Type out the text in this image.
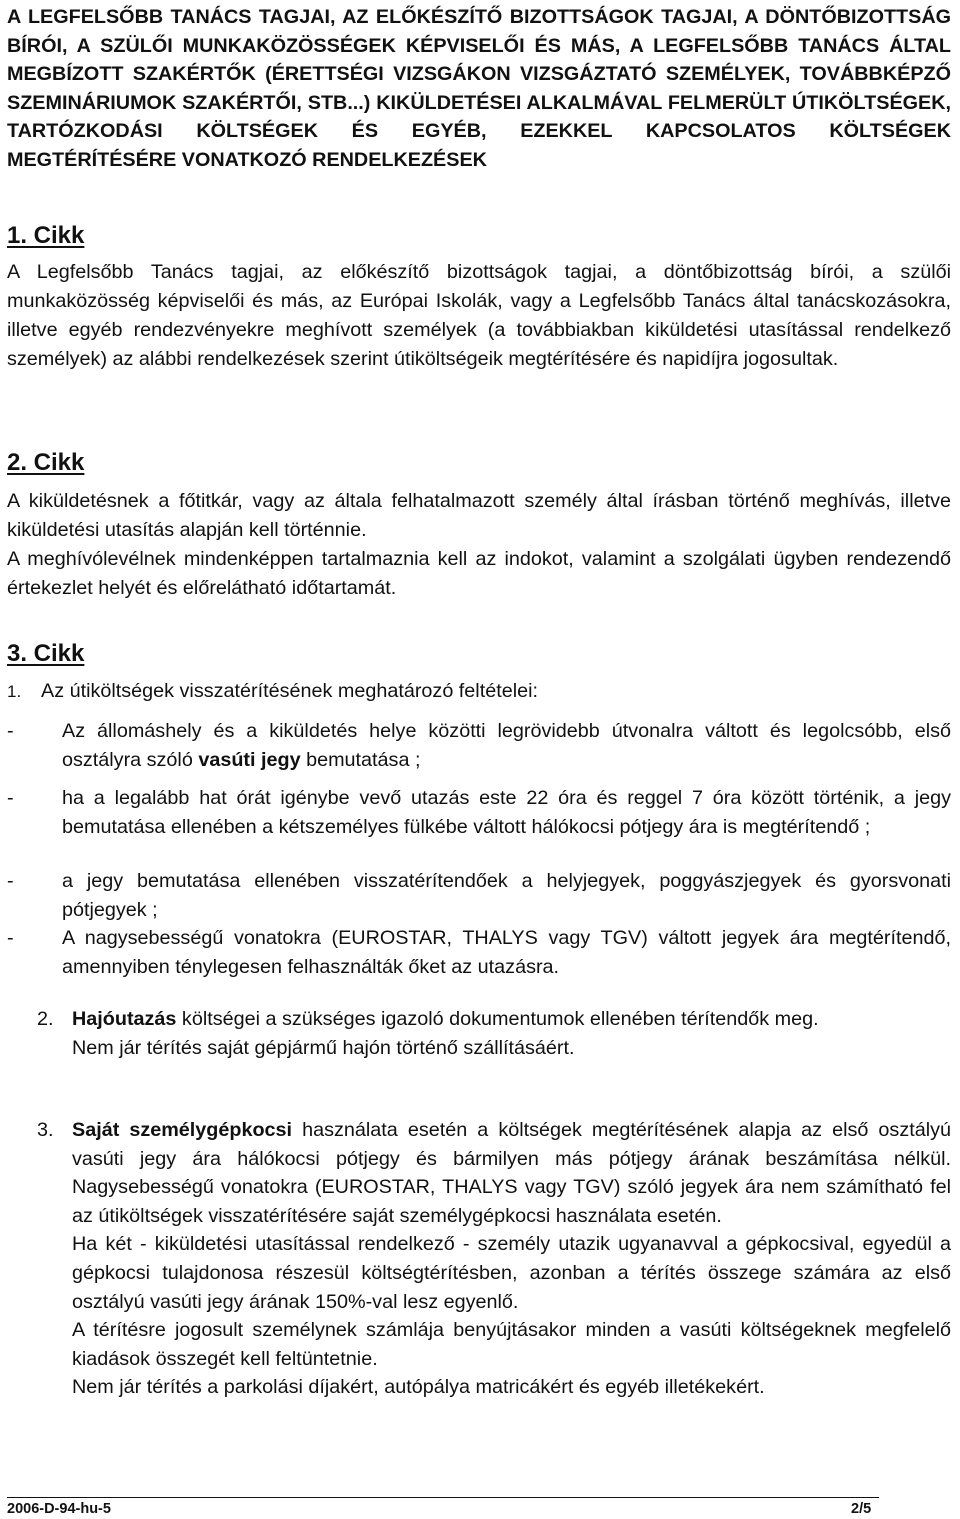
A LEGFELSŐBB TANÁCS TAGJAI, AZ ELŐKÉSZÍTŐ BIZOTTSÁGOK TAGJAI, A DÖNTŐBIZOTTSÁG BÍRÓI, A SZÜLŐI MUNKAKÖZÖSSÉGEK KÉPVISELŐI ÉS MÁS, A LEGFELSŐBB TANÁCS ÁLTAL MEGBÍZOTT SZAKÉRTŐK (ÉRETTSÉGI VIZSGÁKON VIZSGÁZTATÓ SZEMÉLYEK, TOVÁBBKÉPZŐ SZEMINÁRIUMOK SZAKÉRTŐI, STB...) KIKÜLDETÉSEI ALKALMÁVAL FELMERÜLT ÚTIKÖLTSÉGEK, TARTÓZKODÁSI KÖLTSÉGEK ÉS EGYÉB, EZEKKEL KAPCSOLATOS KÖLTSÉGEK MEGTÉRÍTÉSÉRE VONATKOZÓ RENDELKEZÉSEK

1. Cikk

A Legfelsőbb Tanács tagjai, az előkészítő bizottságok tagjai, a döntőbizottság bírói, a szülői munkaközösség képviselői és más, az Európai Iskolák, vagy a Legfelsőbb Tanács által tanácskozásokra, illetve egyéb rendezvényekre meghívott személyek (a továbbiakban kiküldetési utasítással rendelkező személyek) az alábbi rendelkezések szerint útiköltségeik megtérítésére és napidíjra jogosultak.

2. Cikk

A kiküldetésnek a főtitkár, vagy az általa felhatalmazott személy által írásban történő meghívás, illetve kiküldetési utasítás alapján kell történnie.

A meghívólevélnek mindenképpen tartalmaznia kell az indokot, valamint a szolgálati ügyben rendezendő értekezlet helyét és előrelátható időtartamát.

3. Cikk

1. Az útiköltségek visszatérítésének meghatározó feltételei:

- Az állomáshely és a kiküldetés helye közötti legrövidebb útvonalra váltott és legolcsóbb, első osztályra szóló vasúti jegy bemutatása ;
- ha a legalább hat órát igénybe vevő utazás este 22 óra és reggel 7 óra között történik, a jegy bemutatása ellenében a kétszemélyes fülkébe váltott hálókocsi pótjegy ára is megtérítendő ;
- a jegy bemutatása ellenében visszatérítendőek a helyjegyek, poggyászjegyek és gyorsvonati pótjegyek ;
- A nagysebességű vonatokra (EUROSTAR, THALYS vagy TGV) váltott jegyek ára megtérítendő, amennyiben ténylegesen felhasználták őket az utazásra.
2. Hajóutazás költségei a szükséges igazoló dokumentumok ellenében térítendők meg.
Nem jár térítés saját gépjármű hajón történő szállításáért.
3. Saját személygépkocsi használata esetén a költségek megtérítésének alapja az első osztályú vasúti jegy ára hálókocsi pótjegy és bármilyen más pótjegy árának beszámítása nélkül. Nagysebességű vonatokra (EUROSTAR, THALYS vagy TGV) szóló jegyek ára nem számítható fel az útiköltségek visszatérítésére saját személygépkocsi használata esetén.
Ha két - kiküldetési utasítással rendelkező - személy utazik ugyanavval a gépkocsival, egyedül a gépkocsi tulajdonosa részesül költségtérítésben, azonban a térítés összege számára az első osztályú vasúti jegy árának 150%-val lesz egyenlő.
A térítésre jogosult személynek számlája benyújtásakor minden a vasúti költségeknek megfelelő kiadások összegét kell feltüntetnie.
Nem jár térítés a parkolási díjakért, autópálya matricákért és egyéb illetékekért.
2006-D-94-hu-5	2/5
